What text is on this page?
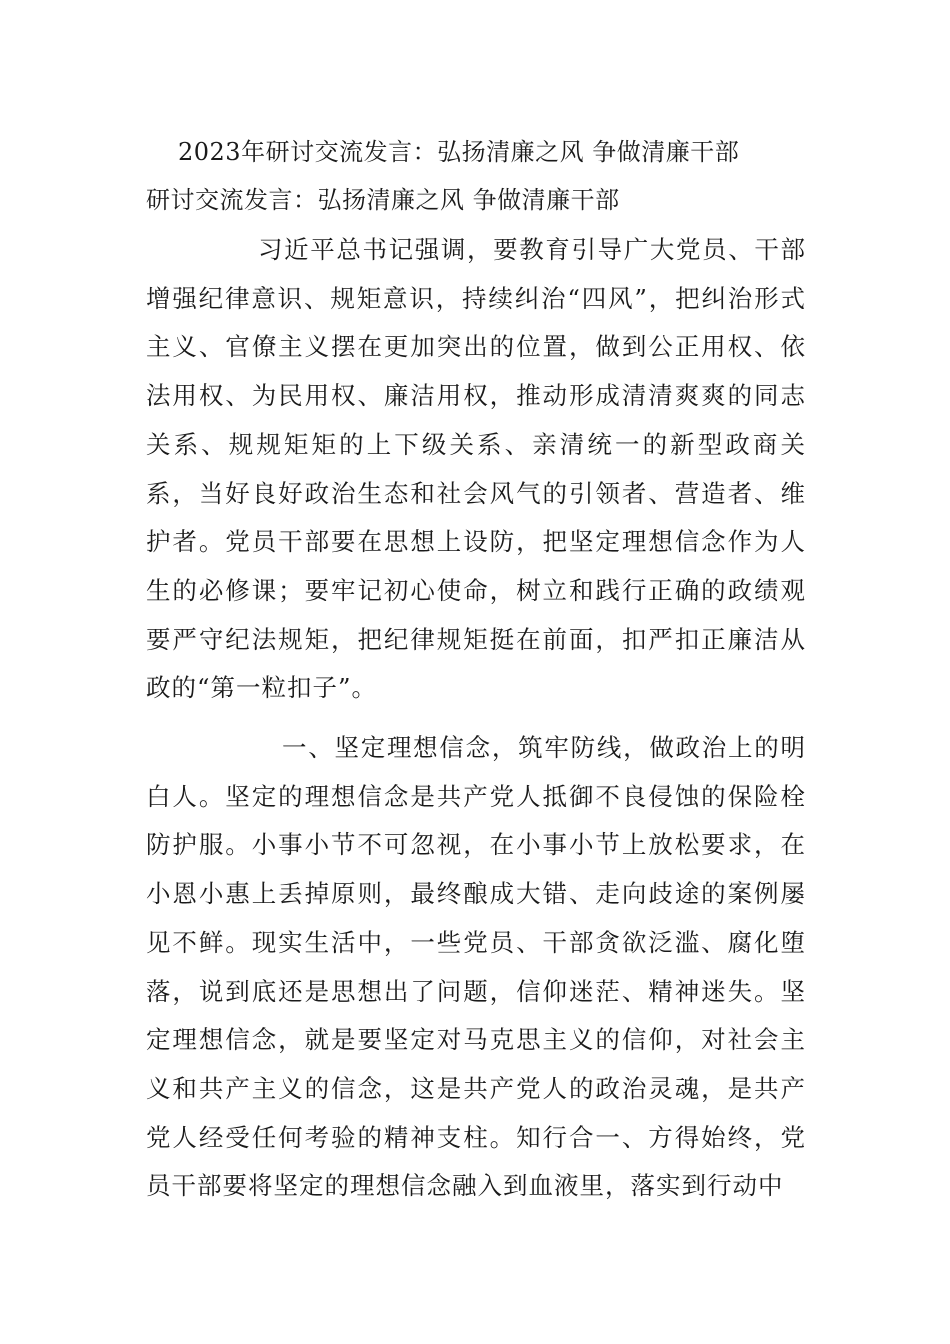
2023年研讨交流发言：弘扬清廉之风 争做清廉干部
研讨交流发言：弘扬清廉之风 争做清廉干部

习近平总书记强调，要教育引导广大党员、干部增强纪律意识、规矩意识，持续纠治“四风”，把纠治形式主义、官僚主义摆在更加突出的位置，做到公正用权、依法用权、为民用权、廉洁用权，推动形成清清爽爽的同志关系、规规矩矩的上下级关系、亲清统一的新型政商关系，当好良好政治生态和社会风气的引领者、营造者、维护者。党员干部要在思想上设防，把坚定理想信念作为人生的必修课；要牢记初心使命，树立和践行正确的政绩观要严守纪法规矩，把纪律规矩挺在前面，扣严扣正廉洁从政的“第一粒扣子”。

一、坚定理想信念，筑牢防线，做政治上的明白人。坚定的理想信念是共产党人抵御不良侵蚀的保险栓防护服。小事小节不可忽视，在小事小节上放松要求，在小恩小惠上丢掉原则，最终酿成大错、走向歧途的案例屡见不鲜。现实生活中，一些党员、干部贪欲泛滥、腐化堕落，说到底还是思想出了问题，信仰迷茫、精神迷失。坚定理想信念，就是要坚定对马克思主义的信仰，对社会主义和共产主义的信念，这是共产党人的政治灵魂，是共产党人经受任何考验的精神支柱。知行合一、方得始终，党员干部要将坚定的理想信念融入到血液里，落实到行动中
